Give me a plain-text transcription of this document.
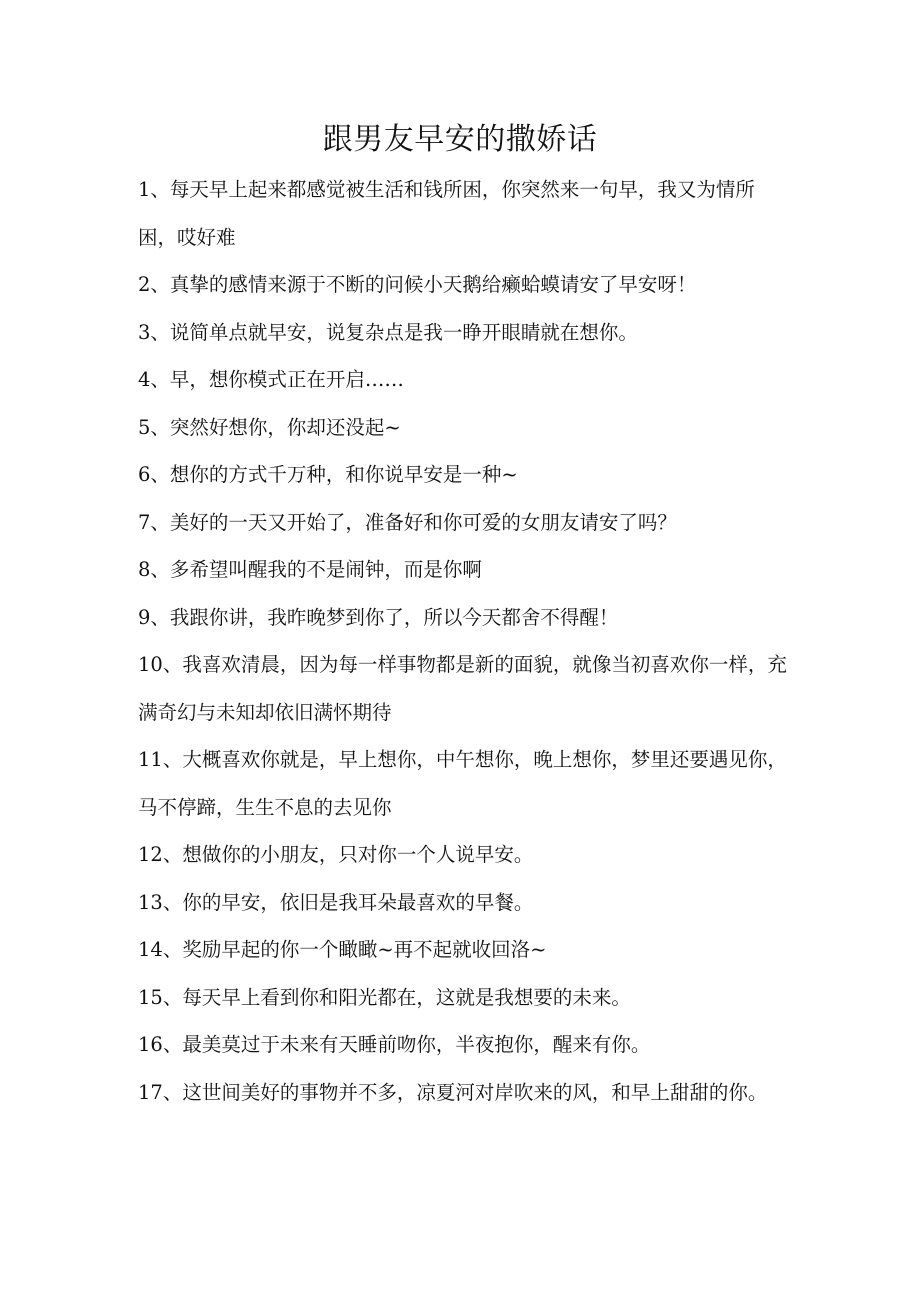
跟男友早安的撒娇话
1、每天早上起来都感觉被生活和钱所困，你突然来一句早，我又为情所困，哎好难
2、真挚的感情来源于不断的问候小天鹅给癞蛤蟆请安了早安呀！
3、说简单点就早安，说复杂点是我一睁开眼睛就在想你。
4、早，想你模式正在开启……
5、突然好想你，你却还没起~
6、想你的方式千万种，和你说早安是一种~
7、美好的一天又开始了，准备好和你可爱的女朋友请安了吗？
8、多希望叫醒我的不是闹钟，而是你啊
9、我跟你讲，我昨晚梦到你了，所以今天都舍不得醒！
10、我喜欢清晨，因为每一样事物都是新的面貌，就像当初喜欢你一样，充满奇幻与未知却依旧满怀期待
11、大概喜欢你就是，早上想你，中午想你，晚上想你，梦里还要遇见你，马不停蹄，生生不息的去见你
12、想做你的小朋友，只对你一个人说早安。
13、你的早安，依旧是我耳朵最喜欢的早餐。
14、奖励早起的你一个瞰瞰~再不起就收回洛~
15、每天早上看到你和阳光都在，这就是我想要的未来。
16、最美莫过于未来有天睡前吻你，半夜抱你，醒来有你。
17、这世间美好的事物并不多，凉夏河对岸吹来的风，和早上甜甜的你。
